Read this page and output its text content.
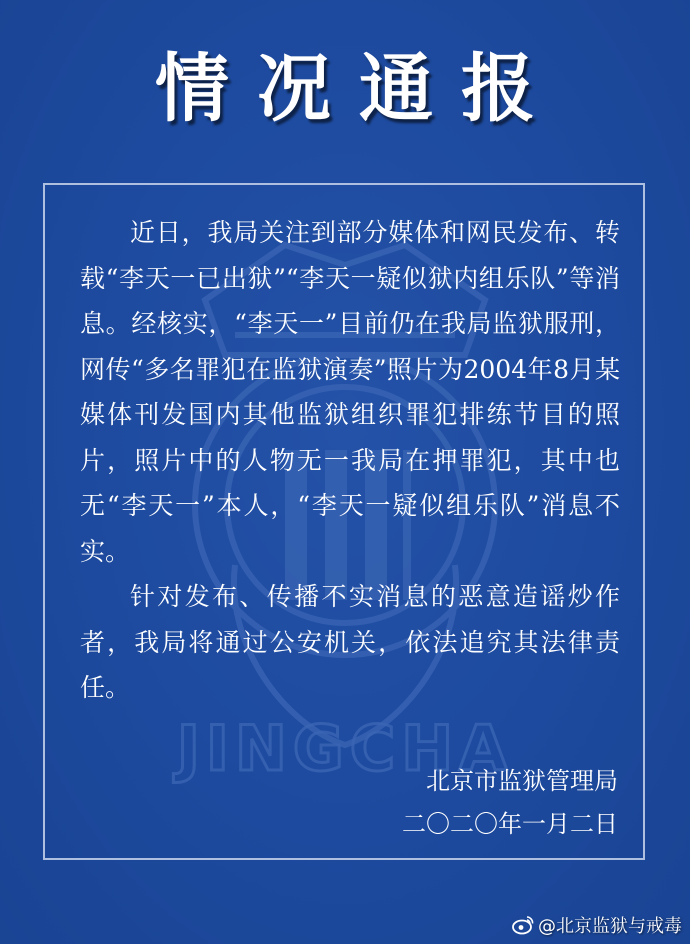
情况通报
JINGCHA

近日，我局关注到部分媒体和网民发布、转载“李天一已出狱”“李天一疑似狱内组乐队”等消息。经核实，“李天一”目前仍在我局监狱服刑，网传“多名罪犯在监狱演奏”照片为2004年8月某媒体刊发国内其他监狱组织罪犯排练节目的照片，照片中的人物无一我局在押罪犯，其中也无“李天一”本人，“李天一疑似组乐队”消息不实。

针对发布、传播不实消息的恶意造谣炒作者，我局将通过公安机关，依法追究其法律责任。

北京市监狱管理局
二〇二〇年一月二日
@北京监狱与戒毒
